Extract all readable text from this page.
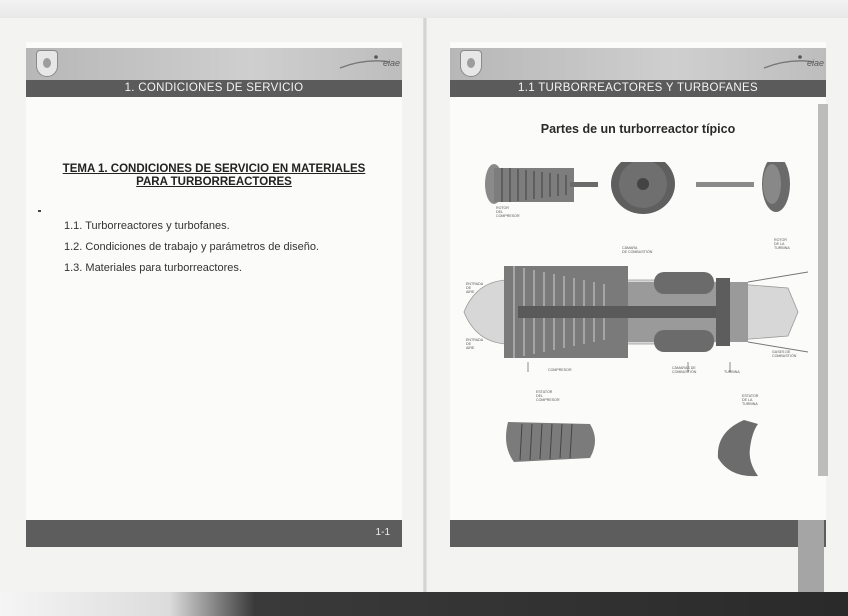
eiae
1. CONDICIONES DE SERVICIO
TEMA 1. CONDICIONES DE SERVICIO EN MATERIALES
PARA TURBORREACTORES
1.1. Turborreactores y turbofanes.
1.2. Condiciones de trabajo y parámetros de diseño.
1.3. Materiales para turborreactores.
1-1
eiae
1.1 TURBORREACTORES Y TURBOFANES
Partes de un turborreactor típico
ROTOR
DEL
COMPRESOR
CÁMARA
DE COMBUSTIÓN
ROTOR
DE LA
TURBINA
ENTRADA
DE
AIRE
ENTRADA
DE
AIRE
COMPRESOR	CÁMARAS DE
COMBUSTIÓN	TURBINA
GASES DE
COMBUSTIÓN
ESTATOR
DEL
COMPRESOR
ESTATOR
DE LA
TURBINA
